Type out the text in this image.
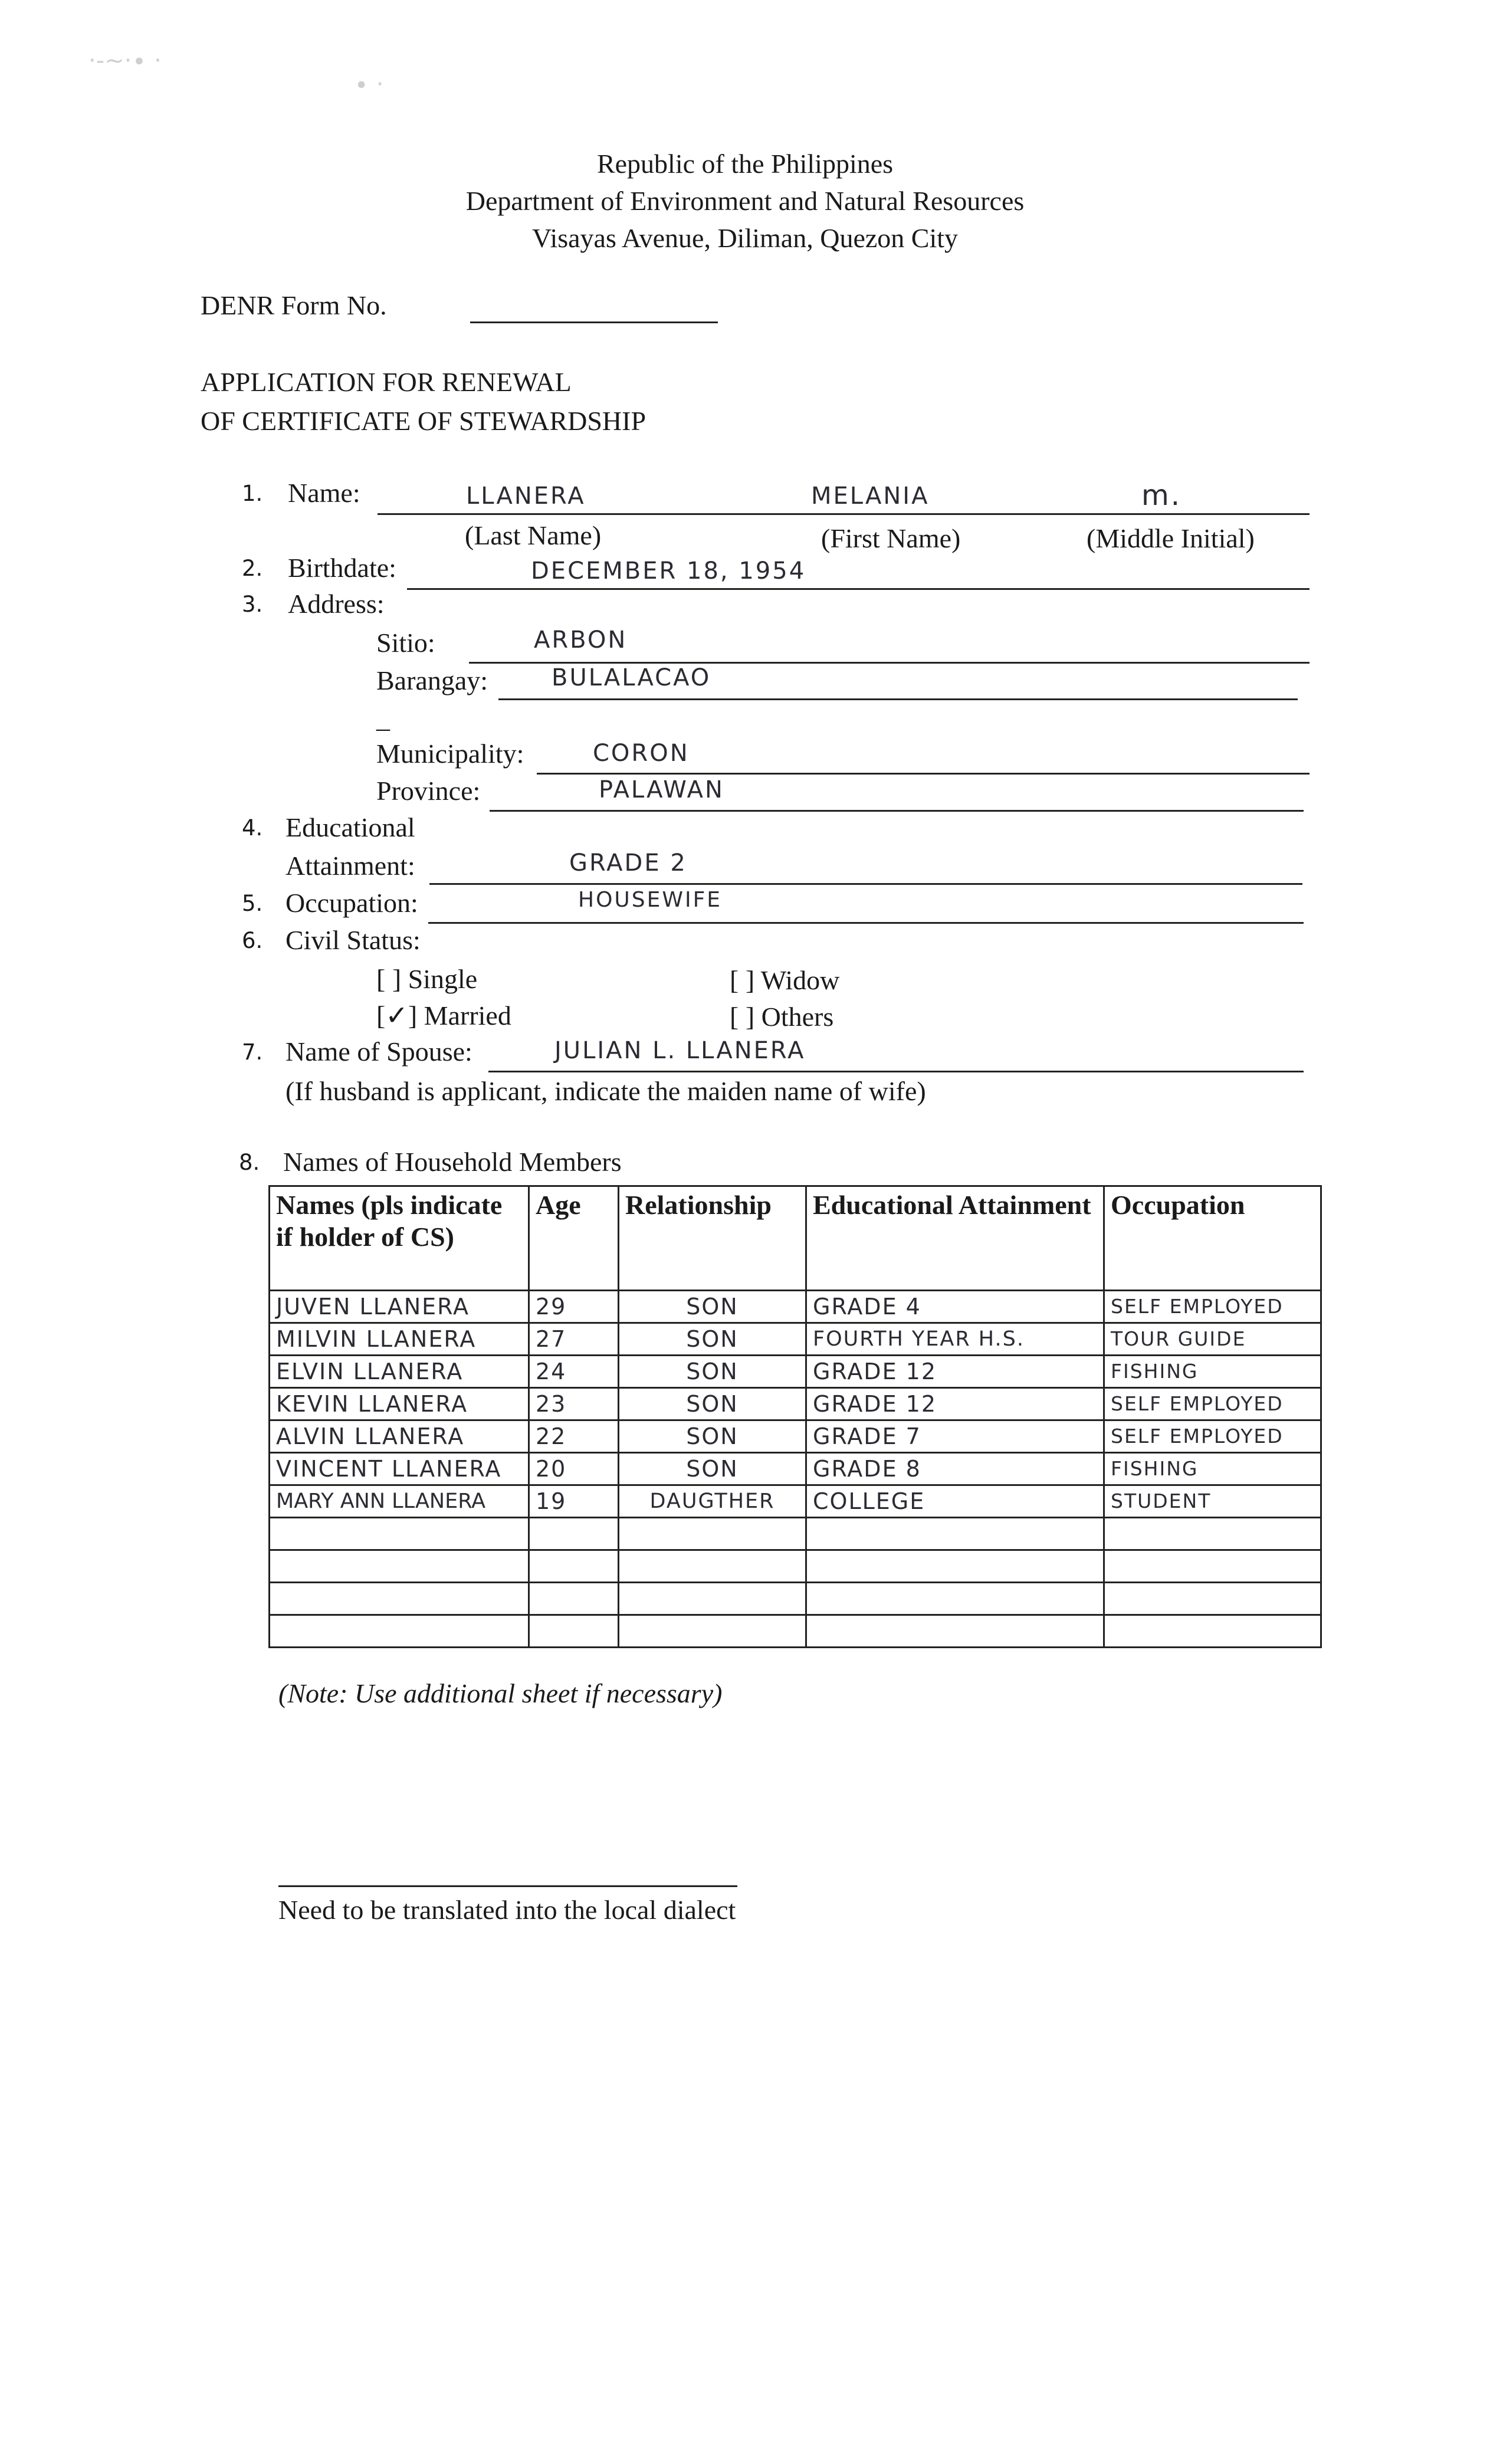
·‑~·∙ ·
∙ ·
Republic of the Philippines
Department of Environment and Natural Resources
Visayas Avenue, Diliman, Quezon City
DENR Form No.
APPLICATION FOR RENEWAL
OF CERTIFICATE OF STEWARDSHIP
1. Name:	LLANERA	MELANIA	m.
(Last Name)	(First Name)	(Middle Initial)
2. Birthdate:	DECEMBER 18, 1954
3. Address:
Sitio:	ARBON
Barangay:	BULALACAO
_
Municipality:	CORON
Province:	PALAWAN
4. Educational
Attainment:	GRADE 2
5. Occupation:	HOUSEWIFE
6. Civil Status:
[ ] Single
[✓] Married
[ ] Widow
[ ] Others
7. Name of Spouse:	JULIAN L. LLANERA
(If husband is applicant, indicate the maiden name of wife)
8. Names of Household Members
Names (pls indicate if holder of CS)	Age	Relationship	Educational Attainment	Occupation
JUVEN LLANERA	29	SON	GRADE 4	SELF EMPLOYED
MILVIN LLANERA	27	SON	FOURTH YEAR H.S.	TOUR GUIDE
ELVIN LLANERA	24	SON	GRADE 12	FISHING
KEVIN LLANERA	23	SON	GRADE 12	SELF EMPLOYED
ALVIN LLANERA	22	SON	GRADE 7	SELF EMPLOYED
VINCENT LLANERA	20	SON	GRADE 8	FISHING
MARY ANN LLANERA	19	DAUGTHER	COLLEGE	STUDENT

(Note: Use additional sheet if necessary)
Need to be translated into the local dialect
